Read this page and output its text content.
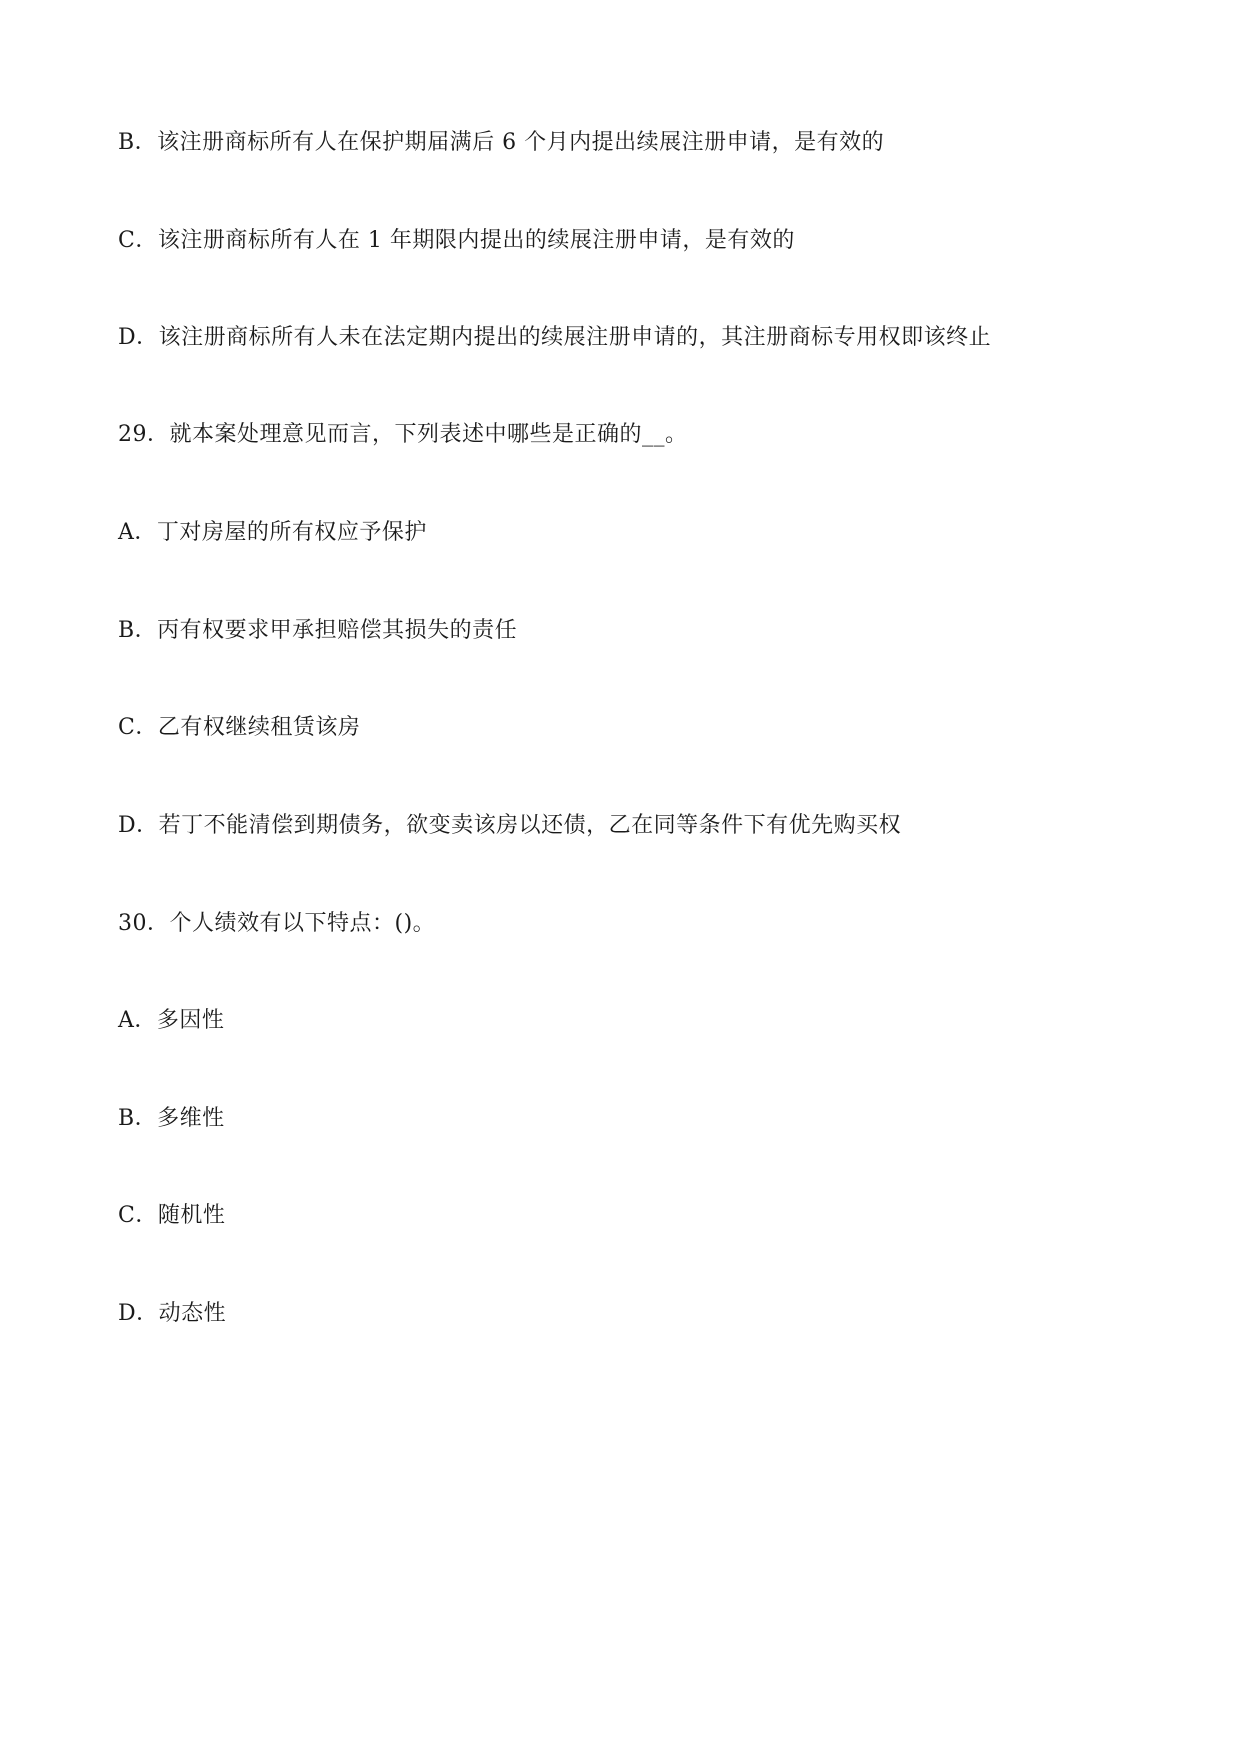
B．该注册商标所有人在保护期届满后 6 个月内提出续展注册申请，是有效的
C．该注册商标所有人在 1 年期限内提出的续展注册申请，是有效的
D．该注册商标所有人未在法定期内提出的续展注册申请的，其注册商标专用权即该终止
29．就本案处理意见而言，下列表述中哪些是正确的__。
A．丁对房屋的所有权应予保护
B．丙有权要求甲承担赔偿其损失的责任
C．乙有权继续租赁该房
D．若丁不能清偿到期债务，欲变卖该房以还债，乙在同等条件下有优先购买权
30．个人绩效有以下特点：()。
A．多因性
B．多维性
C．随机性
D．动态性
